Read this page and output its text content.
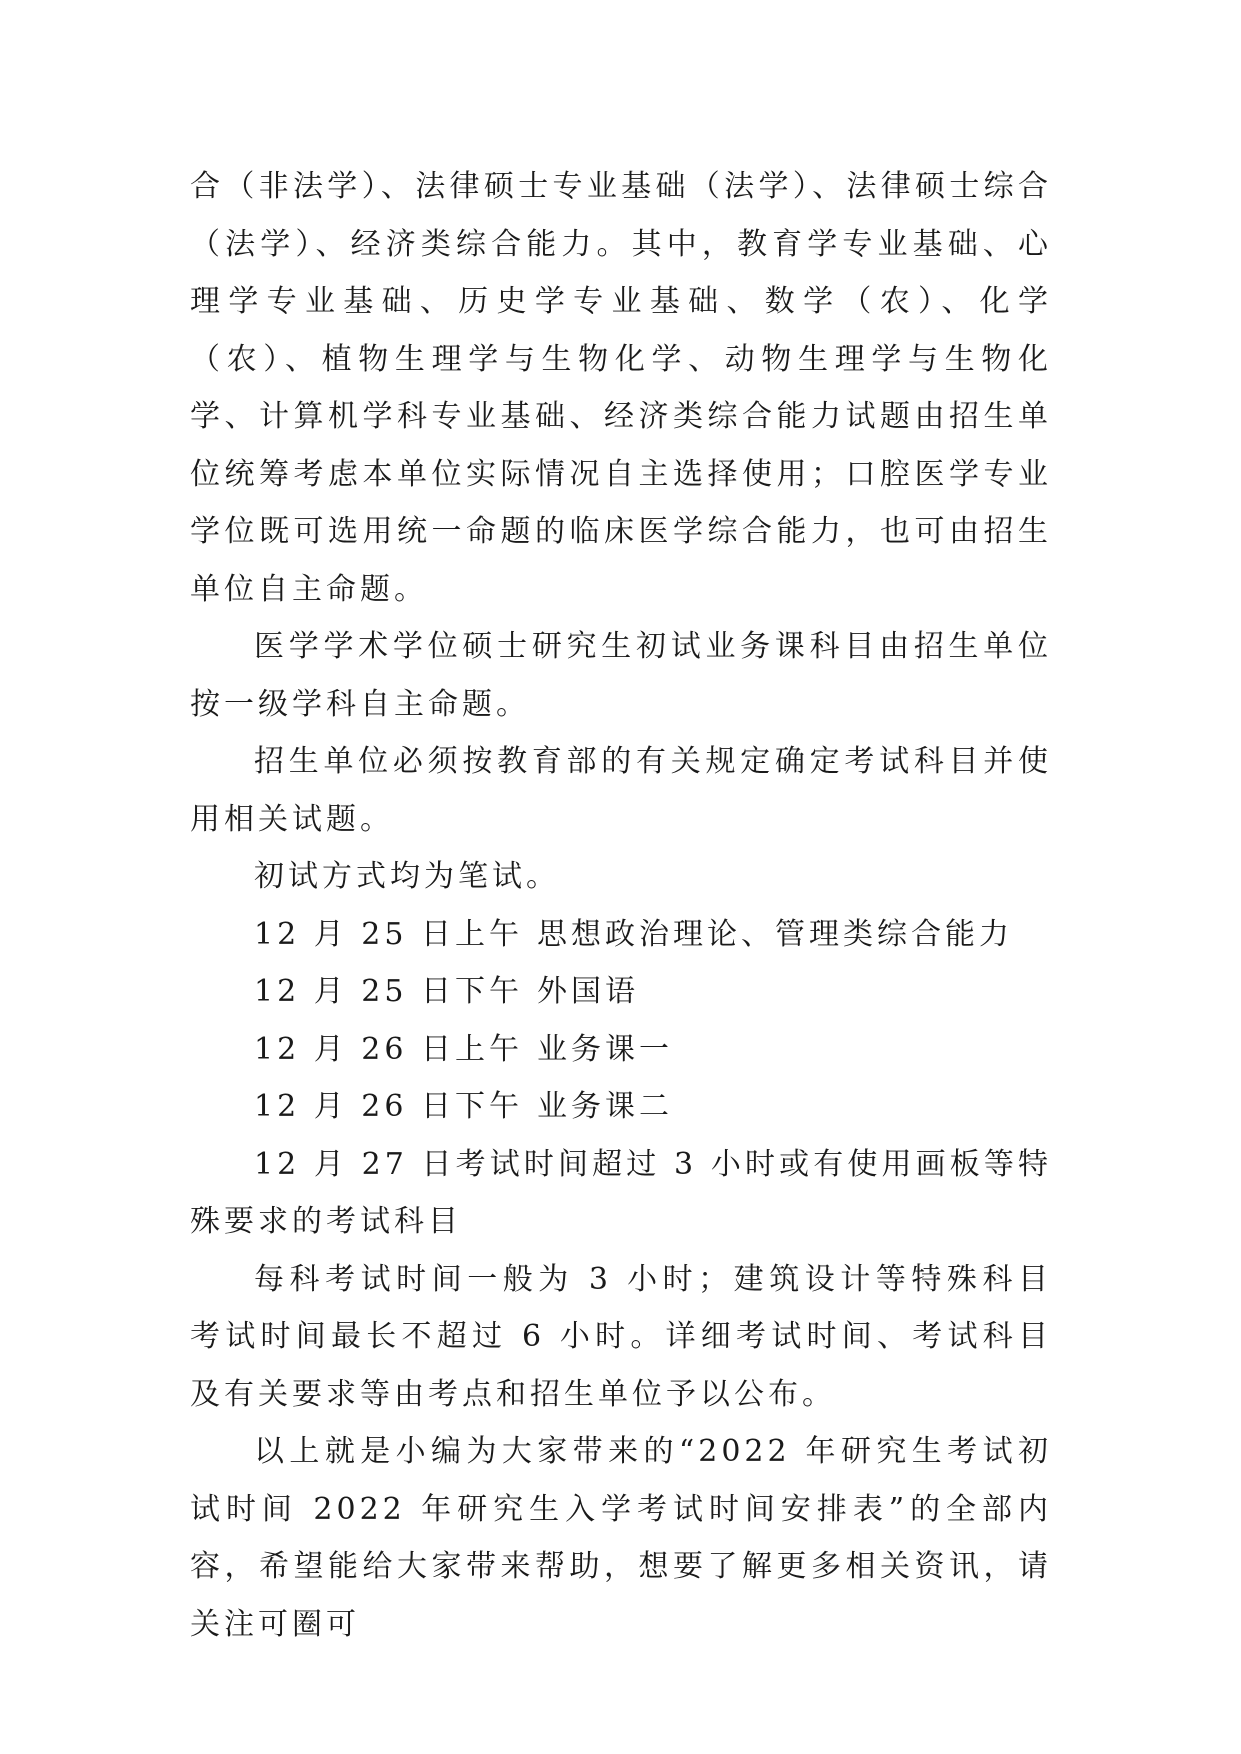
合（非法学）、法律硕士专业基础（法学）、法律硕士综合（法学）、经济类综合能力。其中，教育学专业基础、心理学专业基础、历史学专业基础、数学（农）、化学（农）、植物生理学与生物化学、动物生理学与生物化学、计算机学科专业基础、经济类综合能力试题由招生单位统筹考虑本单位实际情况自主选择使用；口腔医学专业学位既可选用统一命题的临床医学综合能力，也可由招生单位自主命题。

医学学术学位硕士研究生初试业务课科目由招生单位按一级学科自主命题。

招生单位必须按教育部的有关规定确定考试科目并使用相关试题。

初试方式均为笔试。

12 月 25 日上午 思想政治理论、管理类综合能力

12 月 25 日下午 外国语

12 月 26 日上午 业务课一

12 月 26 日下午 业务课二

12 月 27 日考试时间超过 3 小时或有使用画板等特殊要求的考试科目

每科考试时间一般为 3 小时；建筑设计等特殊科目考试时间最长不超过 6 小时。详细考试时间、考试科目及有关要求等由考点和招生单位予以公布。

以上就是小编为大家带来的“2022 年研究生考试初试时间 2022 年研究生入学考试时间安排表”的全部内容，希望能给大家带来帮助，想要了解更多相关资讯，请关注可圈可
